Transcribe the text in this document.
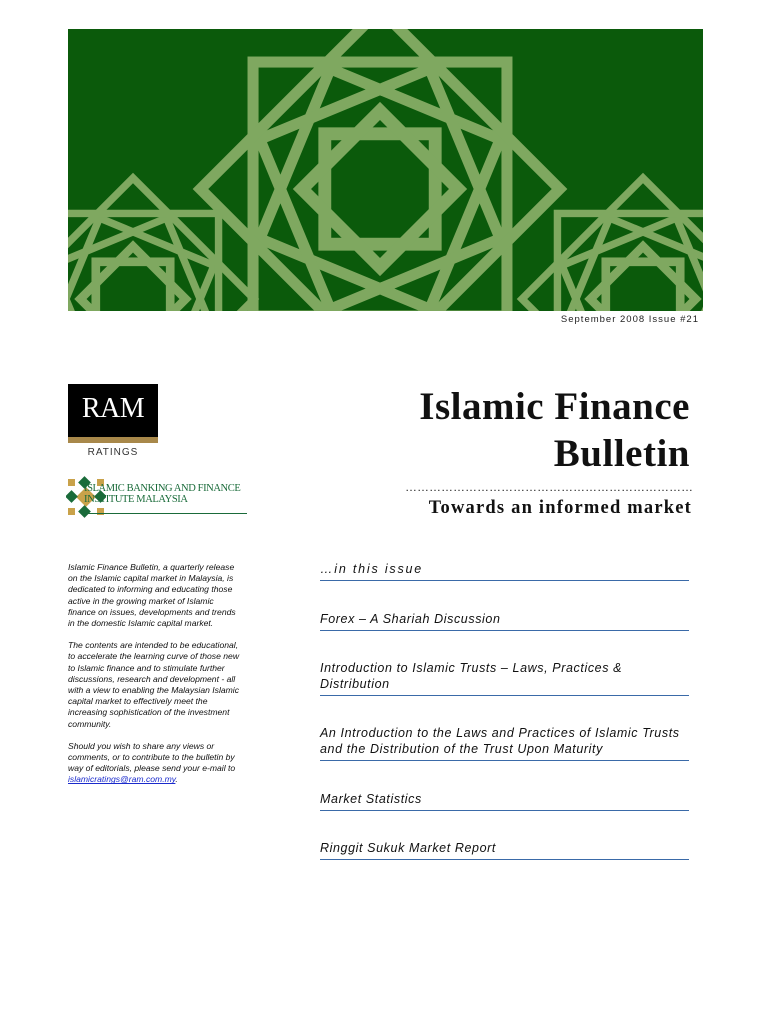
September 2008 Issue #21
RAM
RATINGS
ISLAMIC BANKING AND FINANCE
INSTITUTE MALAYSIA
Islamic Finance
Bulletin
………………………………………………………………
Towards an informed market

Islamic Finance Bulletin, a quarterly release on the Islamic capital market in Malaysia, is dedicated to informing and educating those active in the growing market of Islamic finance on issues, developments and trends in the domestic Islamic capital market.

The contents are intended to be educational, to accelerate the learning curve of those new to Islamic finance and to stimulate further discussions, research and development - all with a view to enabling the Malaysian Islamic capital market to effectively meet the increasing sophistication of the investment community.

Should you wish to share any views or comments, or to contribute to the bulletin by way of editorials, please send your e-mail to islamicratings@ram.com.my.

…in this issue
Forex – A Shariah Discussion
Introduction to Islamic Trusts – Laws, Practices & Distribution
An Introduction to the Laws and Practices of Islamic Trusts and the Distribution of the Trust Upon Maturity
Market Statistics
Ringgit Sukuk Market Report
